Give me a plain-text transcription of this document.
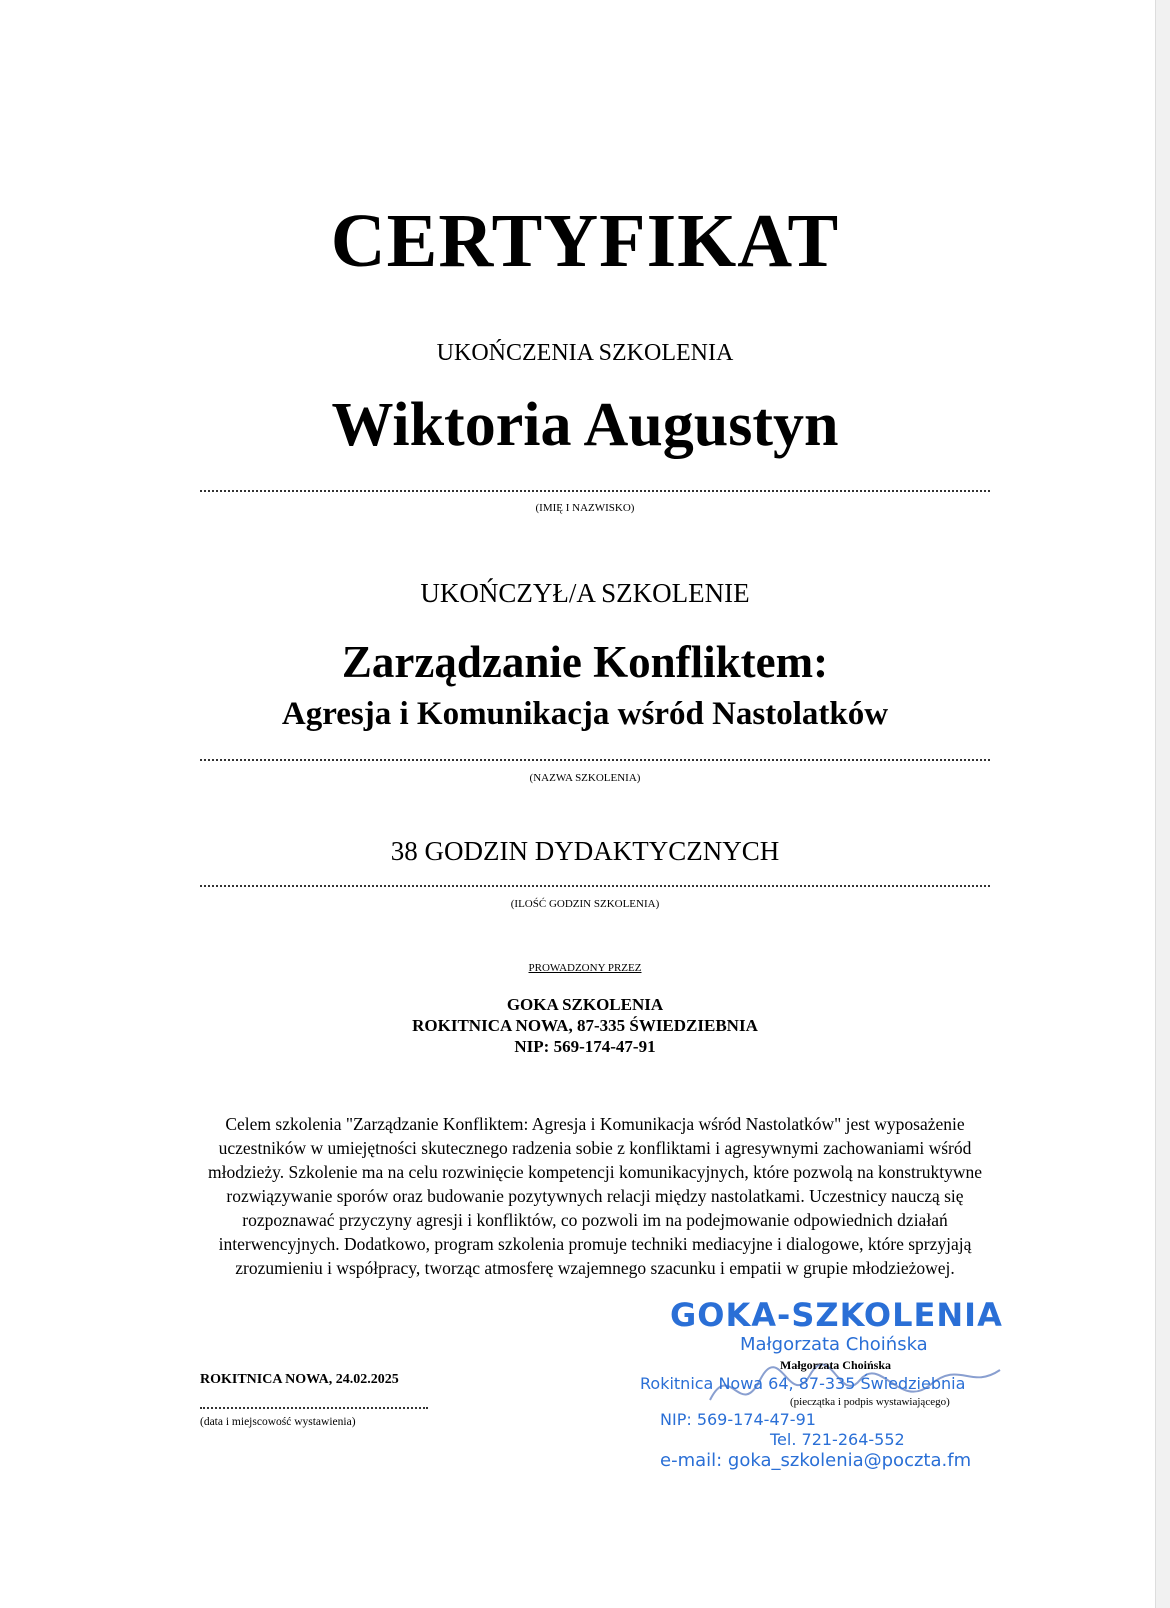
CERTYFIKAT
UKOŃCZENIA SZKOLENIA
Wiktoria Augustyn
(IMIĘ I NAZWISKO)
UKOŃCZYŁ/A SZKOLENIE
Zarządzanie Konfliktem:
Agresja i Komunikacja wśród Nastolatków
(NAZWA SZKOLENIA)
38 GODZIN DYDAKTYCZNYCH
(ILOŚĆ GODZIN SZKOLENIA)
PROWADZONY PRZEZ
GOKA SZKOLENIA
ROKITNICA NOWA, 87-335 ŚWIEDZIEBNIA
NIP: 569-174-47-91
Celem szkolenia "Zarządzanie Konfliktem: Agresja i Komunikacja wśród Nastolatków" jest wyposażenie uczestników w umiejętności skutecznego radzenia sobie z konfliktami i agresywnymi zachowaniami wśród młodzieży. Szkolenie ma na celu rozwinięcie kompetencji komunikacyjnych, które pozwolą na konstruktywne rozwiązywanie sporów oraz budowanie pozytywnych relacji między nastolatkami. Uczestnicy nauczą się rozpoznawać przyczyny agresji i konfliktów, co pozwoli im na podejmowanie odpowiednich działań interwencyjnych. Dodatkowo, program szkolenia promuje techniki mediacyjne i dialogowe, które sprzyjają zrozumieniu i współpracy, tworząc atmosferę wzajemnego szacunku i empatii w grupie młodzieżowej.
ROKITNICA NOWA, 24.02.2025
(data i miejscowość wystawienia)
GOKA-SZKOLENIA
Małgorzata Choińska
Małgorzata Choińska
Rokitnica Nowa 64, 87-335 Świedziebnia
(pieczątka i podpis wystawiającego)
NIP: 569-174-47-91
Tel. 721-264-552
e-mail: goka_szkolenia@poczta.fm
